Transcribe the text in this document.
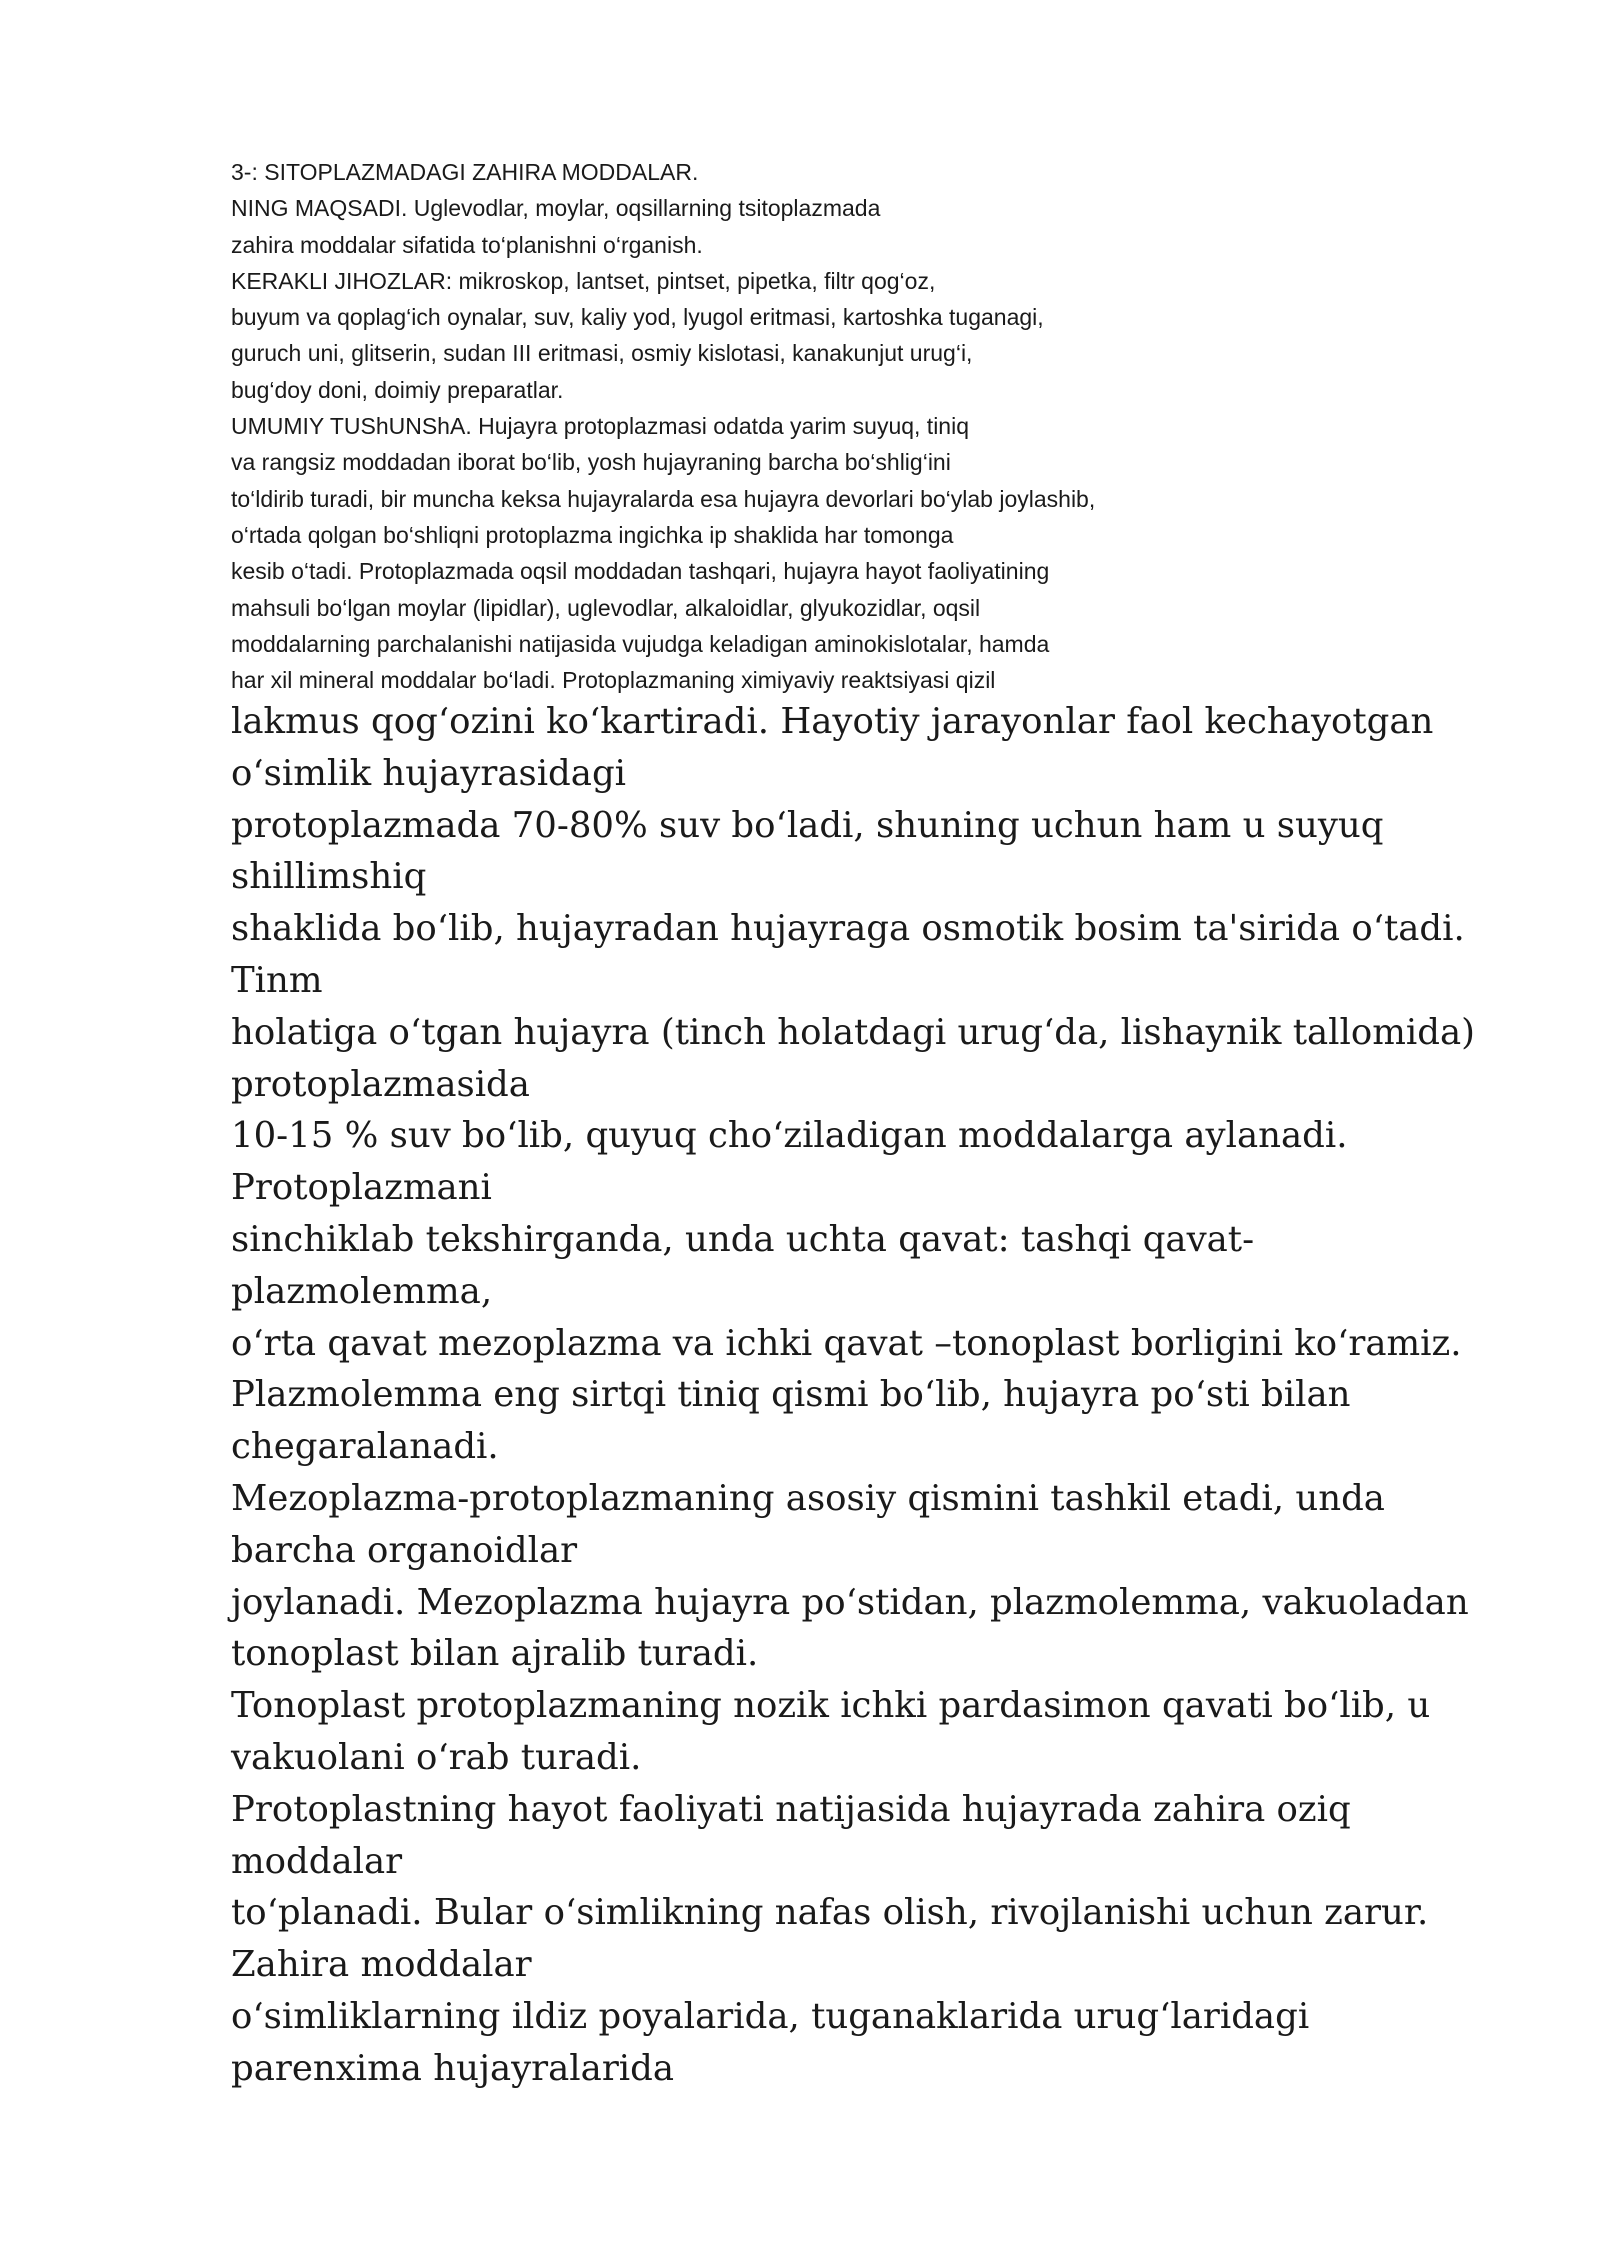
3-: SITOPLAZMADAGI ZAHIRA MODDALAR.
NING MAQSADI. Uglevodlar, moylar, oqsillarning tsitoplazmada
zahira moddalar sifatida to‘planishni o‘rganish.
KERAKLI JIHOZLAR: mikroskop, lantset, pintset, pipetka, filtr qog‘oz,
buyum va qoplag‘ich oynalar, suv, kaliy yod, lyugol eritmasi, kartoshka tuganagi,
guruch uni, glitserin, sudan III eritmasi, osmiy kislotasi, kanakunjut urug‘i,
bug‘doy doni, doimiy preparatlar.
UMUMIY TUShUNShA. Hujayra protoplazmasi odatda yarim suyuq, tiniq
va rangsiz moddadan iborat bo‘lib, yosh hujayraning barcha bo‘shlig‘ini
to‘ldirib turadi, bir muncha keksa hujayralarda esa hujayra devorlari bo‘ylab joylashib,
o‘rtada qolgan bo‘shliqni protoplazma ingichka ip shaklida har tomonga
kesib o‘tadi. Protoplazmada oqsil moddadan tashqari, hujayra hayot faoliyatining
mahsuli bo‘lgan moylar (lipidlar), uglevodlar, alkaloidlar, glyukozidlar, oqsil
moddalarning parchalanishi natijasida vujudga keladigan aminokislotalar, hamda
har xil mineral moddalar bo‘ladi. Protoplazmaning ximiyaviy reaktsiyasi qizil
lakmus qog‘ozini ko‘kartiradi. Hayotiy jarayonlar faol kechayotgan
o‘simlik hujayrasidagi
protoplazmada 70-80% suv bo‘ladi, shuning uchun ham u suyuq
shillimshiq
shaklida bo‘lib, hujayradan hujayraga osmotik bosim ta'sirida o‘tadi.
Tinm
holatiga o‘tgan hujayra (tinch holatdagi urug‘da, lishaynik tallomida)
protoplazmasida
10-15 % suv bo‘lib, quyuq cho‘ziladigan moddalarga aylanadi.
Protoplazmani
sinchiklab tekshirganda, unda uchta qavat: tashqi qavat-
plazmolemma,
o‘rta qavat mezoplazma va ichki qavat –tonoplast borligini ko‘ramiz.
Plazmolemma eng sirtqi tiniq qismi bo‘lib, hujayra po‘sti bilan
chegaralanadi.
Mezoplazma-protoplazmaning asosiy qismini tashkil etadi, unda
barcha organoidlar
joylanadi. Mezoplazma hujayra po‘stidan, plazmolemma, vakuoladan
tonoplast bilan ajralib turadi.
Tonoplast protoplazmaning nozik ichki pardasimon qavati bo‘lib, u
vakuolani o‘rab turadi.
Protoplastning hayot faoliyati natijasida hujayrada zahira oziq
moddalar
to‘planadi. Bular o‘simlikning nafas olish, rivojlanishi uchun zarur.
Zahira moddalar
o‘simliklarning ildiz poyalarida, tuganaklarida urug‘laridagi
parenxima hujayralarida
